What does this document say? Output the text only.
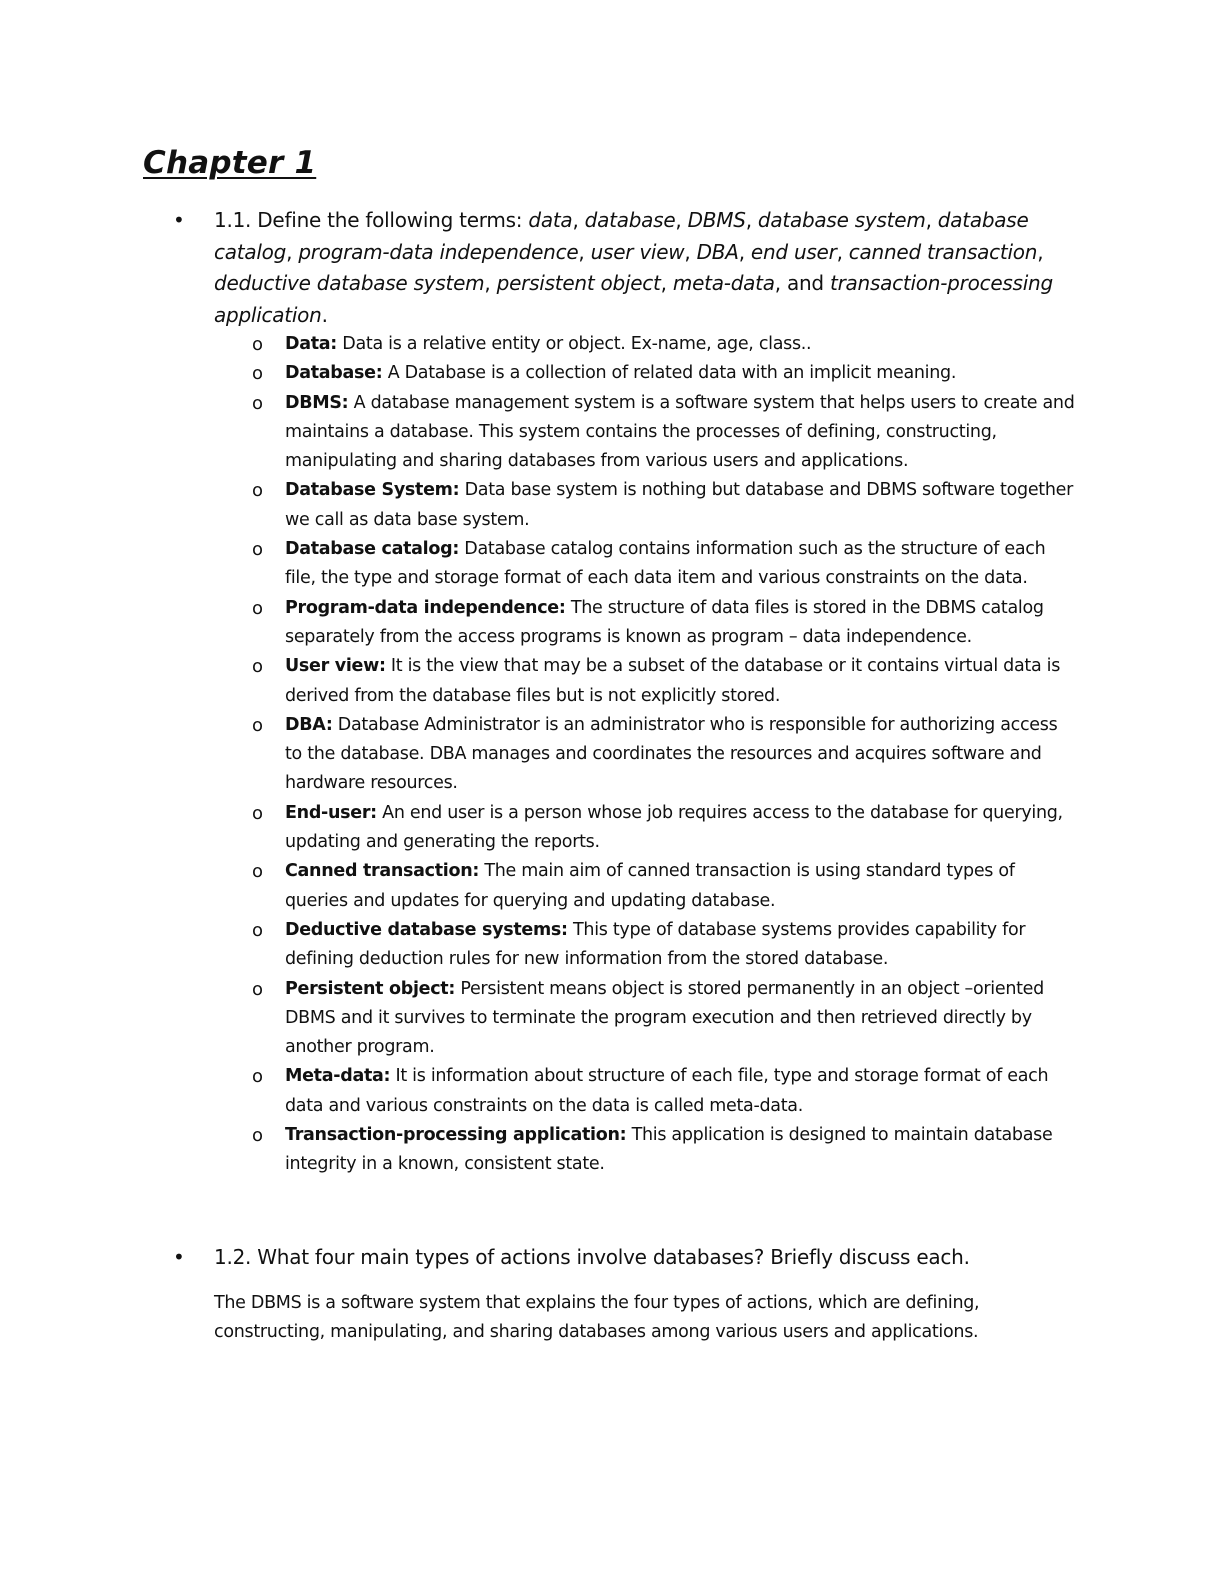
Chapter 1
• 1.1. Define the following terms: data, database, DBMS, database system, database catalog, program-data independence, user view, DBA, end user, canned transaction, deductive database system, persistent object, meta-data, and transaction-processing application.
o Data: Data is a relative entity or object. Ex-name, age, class..
o Database: A Database is a collection of related data with an implicit meaning.
o DBMS: A database management system is a software system that helps users to create and maintains a database. This system contains the processes of defining, constructing, manipulating and sharing databases from various users and applications.
o Database System: Data base system is nothing but database and DBMS software together we call as data base system.
o Database catalog: Database catalog contains information such as the structure of each file, the type and storage format of each data item and various constraints on the data.
o Program-data independence: The structure of data files is stored in the DBMS catalog separately from the access programs is known as program – data independence.
o User view: It is the view that may be a subset of the database or it contains virtual data is derived from the database files but is not explicitly stored.
o DBA: Database Administrator is an administrator who is responsible for authorizing access to the database. DBA manages and coordinates the resources and acquires software and hardware resources.
o End-user: An end user is a person whose job requires access to the database for querying, updating and generating the reports.
o Canned transaction: The main aim of canned transaction is using standard types of queries and updates for querying and updating database.
o Deductive database systems: This type of database systems provides capability for defining deduction rules for new information from the stored database.
o Persistent object: Persistent means object is stored permanently in an object –oriented DBMS and it survives to terminate the program execution and then retrieved directly by another program.
o Meta-data: It is information about structure of each file, type and storage format of each data and various constraints on the data is called meta-data.
o Transaction-processing application: This application is designed to maintain database integrity in a known, consistent state.
• 1.2. What four main types of actions involve databases? Briefly discuss each.

The DBMS is a software system that explains the four types of actions, which are defining, constructing, manipulating, and sharing databases among various users and applications.
